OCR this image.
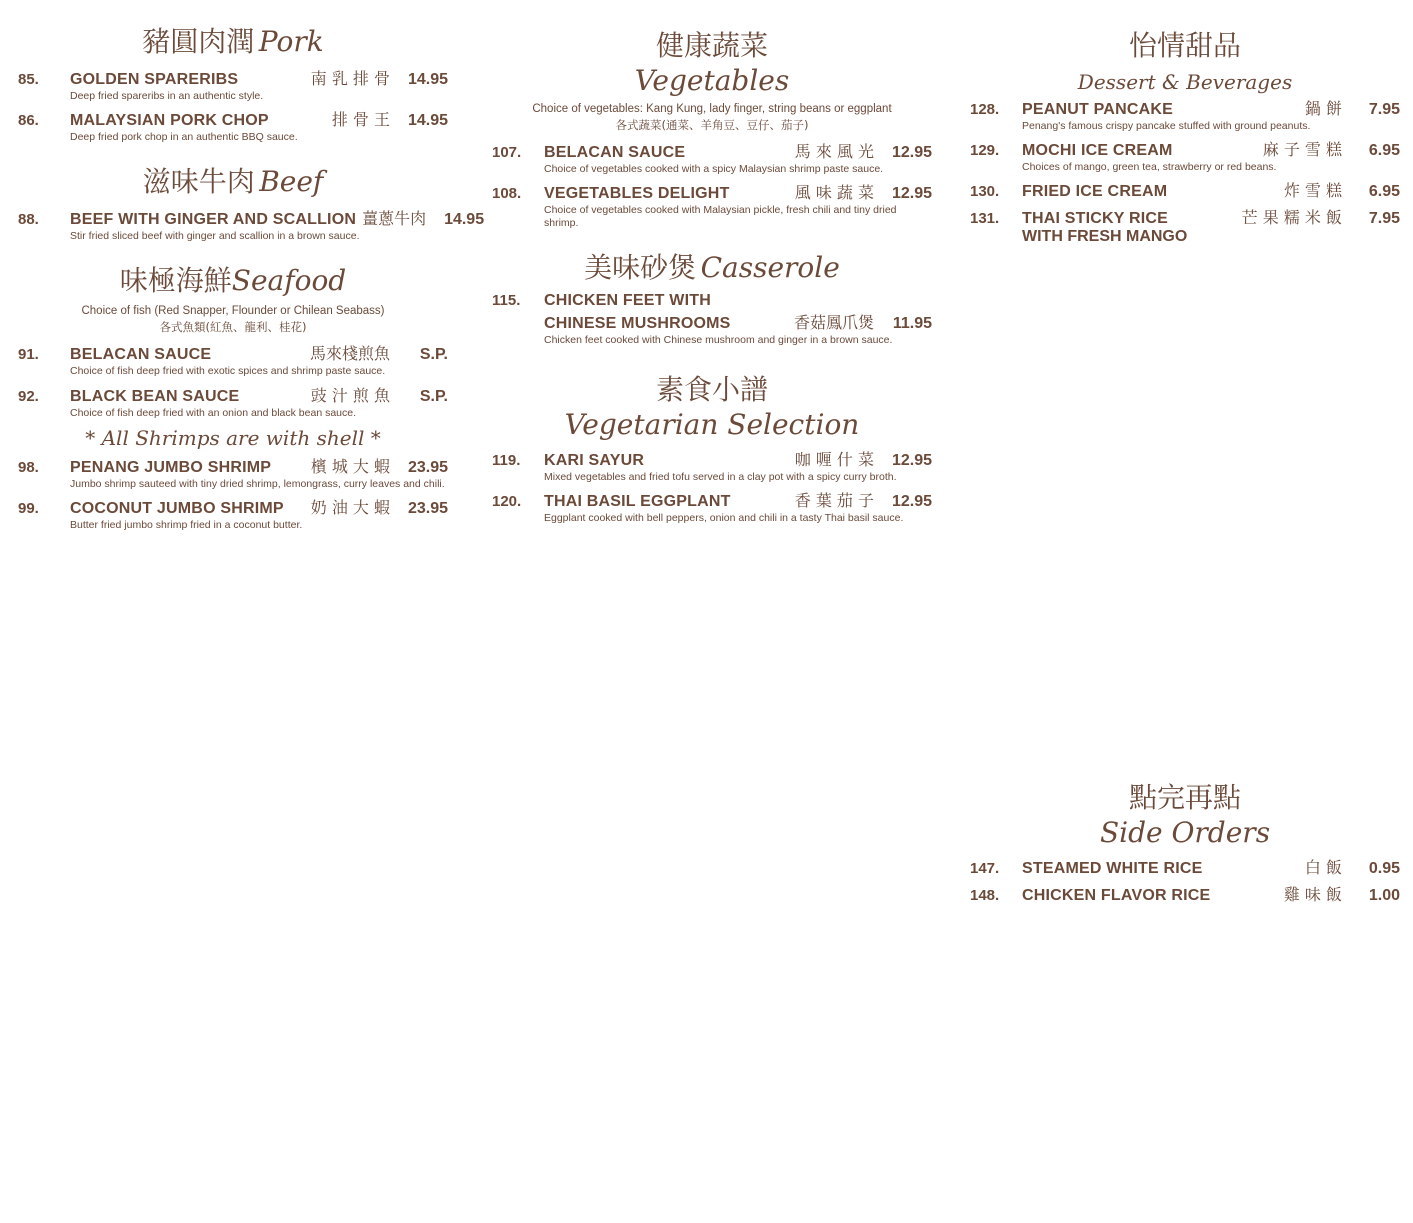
豬圓肉潤 Pork
85.	GOLDEN SPARERIBS	南 乳 排 骨	14.95
Deep fried spareribs in an authentic style.
86.	MALAYSIAN PORK CHOP	排 骨 王	14.95
Deep fried pork chop in an authentic BBQ sauce.
滋味牛肉 Beef
88.	BEEF WITH GINGER AND SCALLION 薑蔥牛肉	14.95
Stir fried sliced beef with ginger and scallion in a brown sauce.
味極海鮮Seafood
Choice of fish (Red Snapper, Flounder or Chilean Seabass)
各式魚類(紅魚、龍利、桂花)
91.	BELACAN SAUCE	馬來棧煎魚	S.P.
Choice of fish deep fried with exotic spices and shrimp paste sauce.
92.	BLACK BEAN SAUCE	豉 汁 煎 魚	S.P.
Choice of fish deep fried with an onion and black bean sauce.
* All Shrimps are with shell *
98.	PENANG JUMBO SHRIMP	檳 城 大 蝦	23.95
Jumbo shrimp sauteed with tiny dried shrimp, lemongrass, curry leaves and chili.
99.	COCONUT JUMBO SHRIMP	奶 油 大 蝦	23.95
Butter fried jumbo shrimp fried in a coconut butter.
健康蔬菜
Vegetables
Choice of vegetables: Kang Kung, lady finger, string beans or eggplant
各式蔬菜(通菜、羊角豆、豆仔、茄子)
107.	BELACAN SAUCE	馬 來 風 光	12.95
Choice of vegetables cooked with a spicy Malaysian shrimp paste sauce.
108.	VEGETABLES DELIGHT	風 味 蔬 菜	12.95
Choice of vegetables cooked with Malaysian pickle, fresh chili and tiny dried shrimp.
美味砂煲 Casserole
115.	CHICKEN FEET WITH
CHINESE MUSHROOMS	香菇鳳爪煲	11.95
Chicken feet cooked with Chinese mushroom and ginger in a brown sauce.
素食小譜
Vegetarian Selection
119.	KARI SAYUR	咖 喱 什 菜	12.95
Mixed vegetables and fried tofu served in a clay pot with a spicy curry broth.
120.	THAI BASIL EGGPLANT	香 葉 茄 子	12.95
Eggplant cooked with bell peppers, onion and chili in a tasty Thai basil sauce.
怡情甜品
Dessert & Beverages
128.	PEANUT PANCAKE	鍋 餅	7.95
Penang's famous crispy pancake stuffed with ground peanuts.
129.	MOCHI ICE CREAM	麻 子 雪 糕	6.95
Choices of mango, green tea, strawberry or red beans.
130.	FRIED ICE CREAM	炸 雪 糕	6.95
131.	THAI STICKY RICE	芒 果 糯 米 飯	7.95
WITH FRESH MANGO
點完再點
Side Orders
147.	STEAMED WHITE RICE	白 飯	0.95
148.	CHICKEN FLAVOR RICE	雞 味 飯	1.00
